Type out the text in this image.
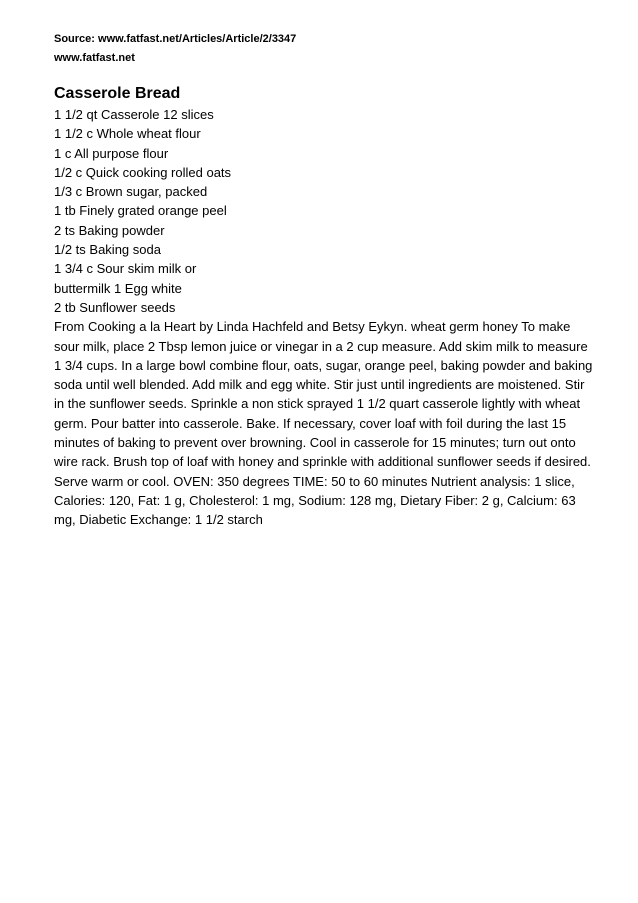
Source: www.fatfast.net/Articles/Article/2/3347

www.fatfast.net

Casserole Bread
1 1/2 qt Casserole 12 slices
1 1/2 c Whole wheat flour
1 c All purpose flour
1/2 c Quick cooking rolled oats
1/3 c Brown sugar, packed
1 tb Finely grated orange peel
2 ts Baking powder
1/2 ts Baking soda
1 3/4 c Sour skim milk or
buttermilk 1 Egg white
2 tb Sunflower seeds

From Cooking a la Heart by Linda Hachfeld and Betsy Eykyn. wheat germ honey To make sour milk, place 2 Tbsp lemon juice or vinegar in a 2 cup measure. Add skim milk to measure 1 3/4 cups. In a large bowl combine flour, oats, sugar, orange peel, baking powder and baking soda until well blended. Add milk and egg white. Stir just until ingredients are moistened. Stir in the sunflower seeds. Sprinkle a non stick sprayed 1 1/2 quart casserole lightly with wheat germ. Pour batter into casserole. Bake. If necessary, cover loaf with foil during the last 15 minutes of baking to prevent over browning. Cool in casserole for 15 minutes; turn out onto wire rack. Brush top of loaf with honey and sprinkle with additional sunflower seeds if desired. Serve warm or cool. OVEN: 350 degrees TIME: 50 to 60 minutes Nutrient analysis: 1 slice, Calories: 120, Fat: 1 g, Cholesterol: 1 mg, Sodium: 128 mg, Dietary Fiber: 2 g, Calcium: 63 mg, Diabetic Exchange: 1 1/2 starch
